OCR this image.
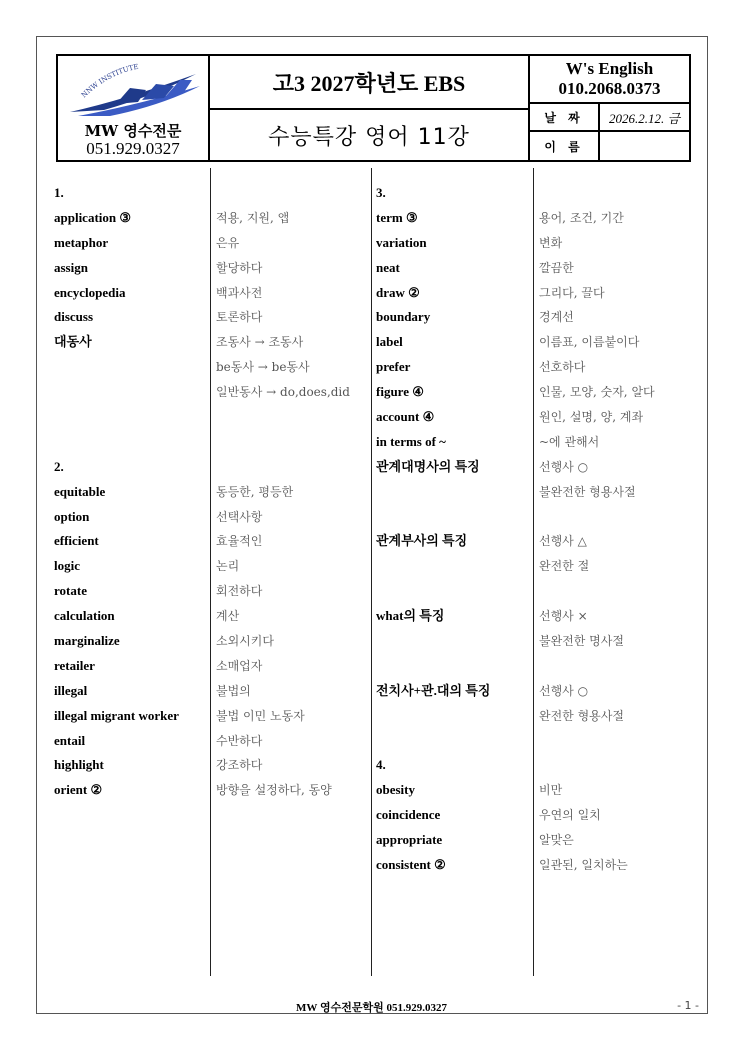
NNW INSTITUTE
MW 영수전문
051.929.0327
고3 2027학년도 EBS
수능특강 영어 11강
W's English
010.2068.0373
날 짜	2026.2.12. 금
이 름
1.
application ③
metaphor
assign
encyclopedia
discuss
대동사
2.
equitable
option
efficient
logic
rotate
calculation
marginalize
retailer
illegal
illegal migrant worker
entail
highlight
orient ②
적용, 지원, 앱
은유
할당하다
백과사전
토론하다
조동사 → 조동사
be동사 → be동사
일반동사 → do,does,did
동등한, 평등한
선택사항
효율적인
논리
회전하다
계산
소외시키다
소매업자
불법의
불법 이민 노동자
수반하다
강조하다
방향을 설정하다, 동양
3.
term ③
variation
neat
draw ②
boundary
label
prefer
figure ④
account ④
in terms of ~
관계대명사의 특징
관계부사의 특징
what의 특징
전치사+관.대의 특징
4.
obesity
coincidence
appropriate
consistent ②
용어, 조건, 기간
변화
깔끔한
그리다, 끌다
경계선
이름표, 이름붙이다
선호하다
인물, 모양, 숫자, 알다
원인, 설명, 양, 계좌
~에 관해서
선행사 ○
불완전한 형용사절
선행사 △
완전한 절
선행사 ×
불완전한 명사절
선행사 ○
완전한 형용사절
비만
우연의 일치
알맞은
일관된, 일치하는
MW 영수전문학원 051.929.0327	- 1 -
